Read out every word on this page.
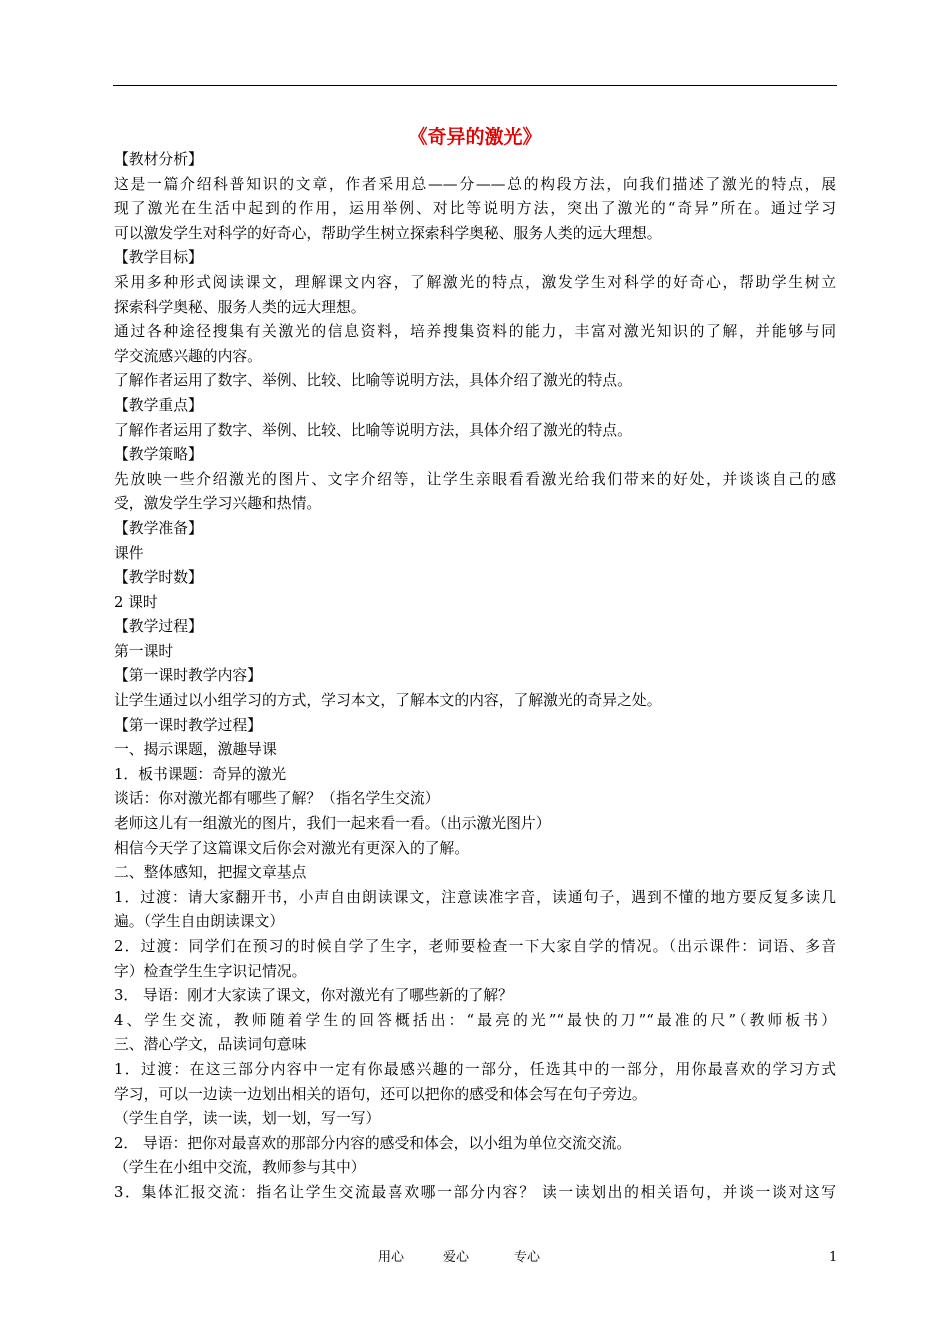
《奇异的激光》
【教材分析】
这是一篇介绍科普知识的文章，作者采用总——分——总的构段方法，向我们描述了激光的特点，展
现了激光在生活中起到的作用，运用举例、对比等说明方法，突出了激光的“奇异”所在。通过学习
可以激发学生对科学的好奇心，帮助学生树立探索科学奥秘、服务人类的远大理想。
【教学目标】
采用多种形式阅读课文，理解课文内容，了解激光的特点，激发学生对科学的好奇心，帮助学生树立
探索科学奥秘、服务人类的远大理想。
通过各种途径搜集有关激光的信息资料，培养搜集资料的能力，丰富对激光知识的了解，并能够与同
学交流感兴趣的内容。
了解作者运用了数字、举例、比较、比喻等说明方法，具体介绍了激光的特点。
【教学重点】
了解作者运用了数字、举例、比较、比喻等说明方法，具体介绍了激光的特点。
【教学策略】
先放映一些介绍激光的图片、文字介绍等，让学生亲眼看看激光给我们带来的好处，并谈谈自己的感
受，激发学生学习兴趣和热情。
【教学准备】
课件
【教学时数】
2 课时
【教学过程】
第一课时
【第一课时教学内容】
让学生通过以小组学习的方式，学习本文，了解本文的内容，了解激光的奇异之处。
【第一课时教学过程】
一、揭示课题，激趣导课
1．板书课题：奇异的激光
谈话：你对激光都有哪些了解？（指名学生交流）
老师这儿有一组激光的图片，我们一起来看一看。（出示激光图片）
相信今天学了这篇课文后你会对激光有更深入的了解。
二、整体感知，把握文章基点
1．过渡：请大家翻开书，小声自由朗读课文，注意读准字音，读通句子，遇到不懂的地方要反复多读几
遍。（学生自由朗读课文）
2．过渡：同学们在预习的时候自学了生字，老师要检查一下大家自学的情况。（出示课件：词语、多音
字）检查学生生字识记情况。
3． 导语：刚才大家读了课文，你对激光有了哪些新的了解？
4、学生交流，教师随着学生的回答概括出：“最亮的光”“最快的刀”“最准的尺”（教师板书）
三、潜心学文，品读词句意味
1．过渡：在这三部分内容中一定有你最感兴趣的一部分，任选其中的一部分，用你最喜欢的学习方式
学习，可以一边读一边划出相关的语句，还可以把你的感受和体会写在句子旁边。
（学生自学，读一读，划一划，写一写）
2． 导语：把你对最喜欢的那部分内容的感受和体会，以小组为单位交流交流。
（学生在小组中交流，教师参与其中）
3．集体汇报交流：指名让学生交流最喜欢哪一部分内容？ 读一读划出的相关语句，并谈一谈对这写
用心	爱心	专心	1
